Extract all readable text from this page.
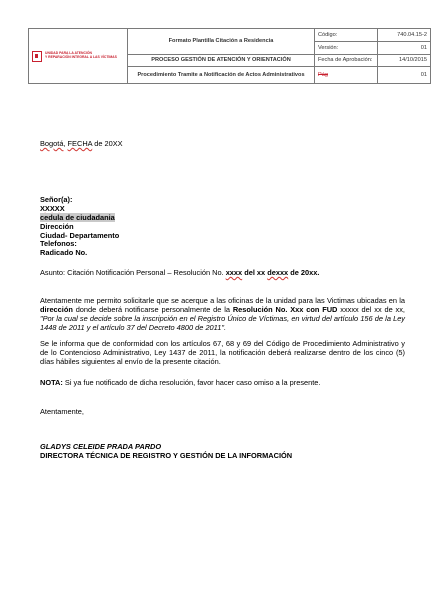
UNIDAD PARA LA ATENCIÓN
Y REPARACIÓN INTEGRAL A LAS VÍCTIMAS	Formato Plantilla Citación a Residencia	Código:	740.04.15-2
		Versión:	01
	PROCESO GESTIÓN DE ATENCIÓN Y ORIENTACIÓN	Fecha de Aprobación:	14/10/2015
	Procedimiento Tramite a Notificación de Actos Administrativos	Pág	01
Bogotá, FECHA de 20XX
Señor(a):
XXXXX
cedula de ciudadania
Dirección
Ciudad- Departamento
Telefonos:
Radicado No.
Asunto: Citación Notificación Personal – Resolución No. xxxx del xx dexxx de 20xx.
Atentamente me permito solicitarle que se acerque a las oficinas de la unidad para las Victimas ubicadas en la dirección donde deberá notificarse personalmente de la Resolución No. Xxx con FUD xxxxx del xx de xx, "Por la cual se decide sobre la inscripción en el Registro Único de Víctimas, en virtud del artículo 156 de la Ley 1448 de 2011 y el artículo 37 del Decreto 4800 de 2011".
Se le informa que de conformidad con los artículos 67, 68 y 69 del Código de Procedimiento Administrativo y de lo Contencioso Administrativo, Ley 1437 de 2011, la notificación deberá realizarse dentro de los cinco (5) días hábiles siguientes al envío de la presente citación.
NOTA: Si ya fue notificado de dicha resolución, favor hacer caso omiso a la presente.
Atentamente,
GLADYS CELEIDE PRADA PARDO
DIRECTORA TÉCNICA DE REGISTRO Y GESTIÓN DE LA INFORMACIÓN
